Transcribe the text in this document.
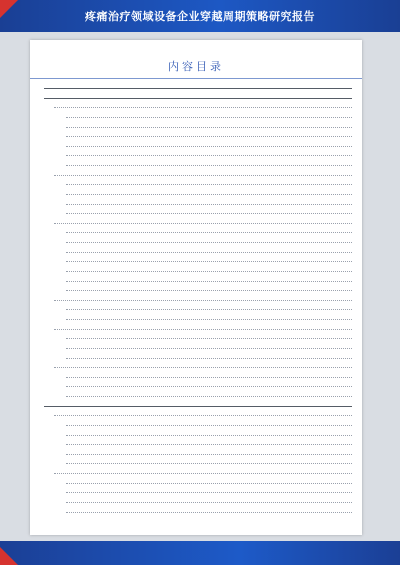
疼痛治疗领域设备企业穿越周期策略研究报告
内容目录
